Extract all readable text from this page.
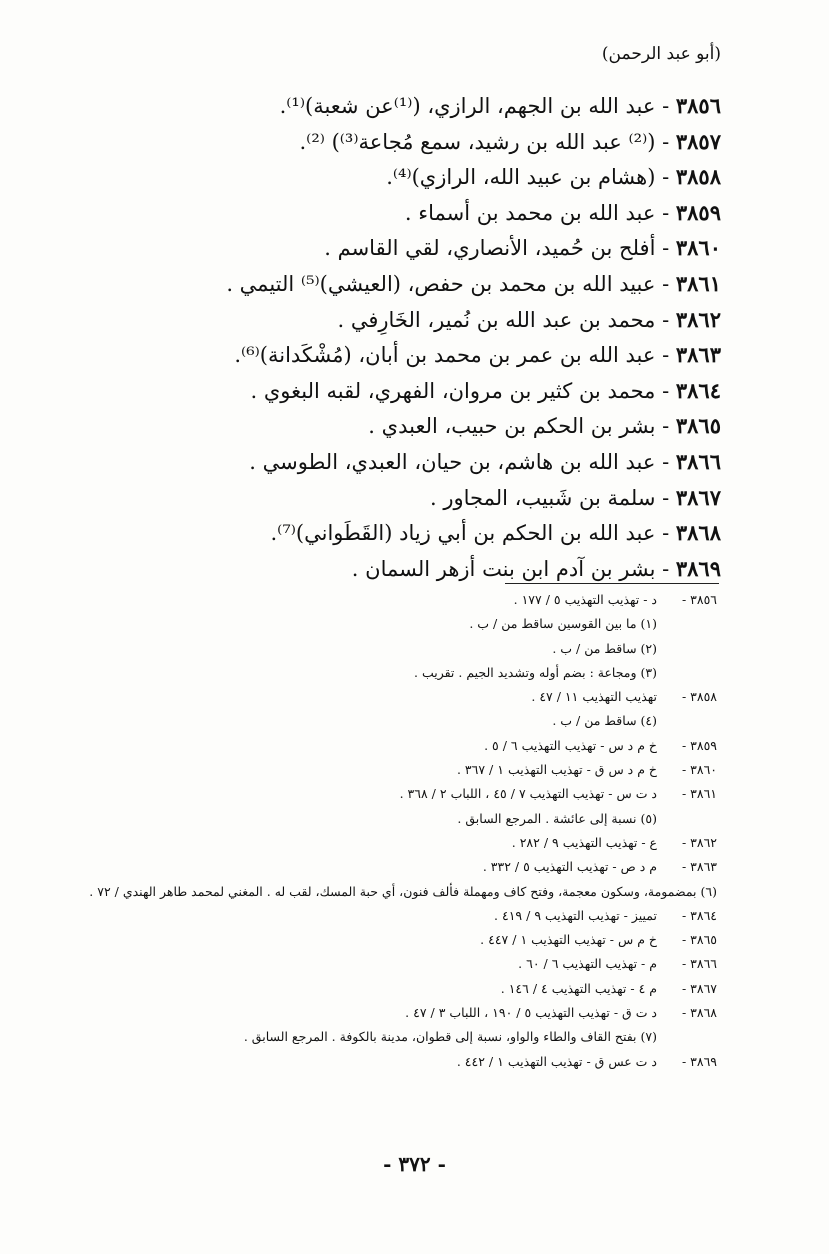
(أبو عبد الرحمن)
٣٨٥٦ - عبد الله بن الجهم، الرازي، (⁽¹⁾عن شعبة)⁽¹⁾.
٣٨٥٧ - (⁽²⁾ عبد الله بن رشيد، سمع مُجاعة⁽³⁾) ⁽²⁾.
٣٨٥٨ - (هشام بن عبيد الله، الرازي)⁽⁴⁾.
٣٨٥٩ - عبد الله بن محمد بن أسماء .
٣٨٦٠ - أفلح بن حُميد، الأنصاري، لقي القاسم .
٣٨٦١ - عبيد الله بن محمد بن حفص، (العيشي)⁽⁵⁾ التيمي .
٣٨٦٢ - محمد بن عبد الله بن نُمير، الخَارِفي .
٣٨٦٣ - عبد الله بن عمر بن محمد بن أبان، (مُشْكَدانة)⁽⁶⁾.
٣٨٦٤ - محمد بن كثير بن مروان، الفهري، لقبه البغوي .
٣٨٦٥ - بشر بن الحكم بن حبيب، العبدي .
٣٨٦٦ - عبد الله بن هاشم، بن حيان، العبدي، الطوسي .
٣٨٦٧ - سلمة بن شَبيب، المجاور .
٣٨٦٨ - عبد الله بن الحكم بن أبي زياد (القَطَواني)⁽⁷⁾.
٣٨٦٩ - بشر بن آدم ابن بنت أزهر السمان .
٣٨٥٦ -
د - تهذيب التهذيب ٥ / ١٧٧ .
(١) ما بين القوسين ساقط من / ب .
(٢) ساقط من / ب .
(٣) ومجاعة : بضم أوله وتشديد الجيم . تقريب .
٣٨٥٨ -
تهذيب التهذيب ١١ / ٤٧ .
(٤) ساقط من / ب .
٣٨٥٩ -
خ م د س - تهذيب التهذيب ٦ / ٥ .
٣٨٦٠ -
خ م د س ق - تهذيب التهذيب ١ / ٣٦٧ .
٣٨٦١ -
د ت س - تهذيب التهذيب ٧ / ٤٥ ، اللباب ٢ / ٣٦٨ .
(٥) نسبة إلى عائشة . المرجع السابق .
٣٨٦٢ -
ع - تهذيب التهذيب ٩ / ٢٨٢ .
٣٨٦٣ -
م د ص - تهذيب التهذيب ٥ / ٣٣٢ .
(٦) بمضمومة، وسكون معجمة، وفتح كاف ومهملة فألف فنون، أي حبة المسك، لقب له . المغني لمحمد طاهر الهندي / ٧٢ .
٣٨٦٤ -
تمييز - تهذيب التهذيب ٩ / ٤١٩ .
٣٨٦٥ -
خ م س - تهذيب التهذيب ١ / ٤٤٧ .
٣٨٦٦ -
م - تهذيب التهذيب ٦ / ٦٠ .
٣٨٦٧ -
م ٤ - تهذيب التهذيب ٤ / ١٤٦ .
٣٨٦٨ -
د ت ق - تهذيب التهذيب ٥ / ١٩٠ ، اللباب ٣ / ٤٧ .
(٧) بفتح القاف والطاء والواو، نسبة إلى قطوان، مدينة بالكوفة . المرجع السابق .
٣٨٦٩ -
د ت عس ق - تهذيب التهذيب ١ / ٤٤٢ .
- ٣٧٢ -
